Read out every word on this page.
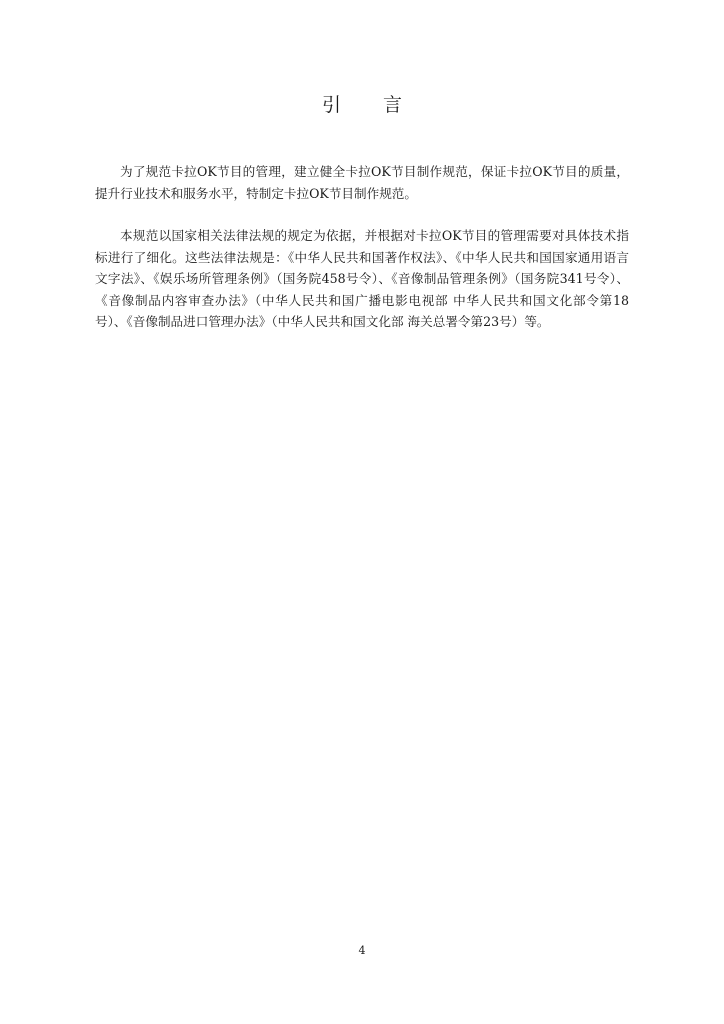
引 言

为了规范卡拉OK节目的管理，建立健全卡拉OK节目制作规范，保证卡拉OK节目的质量，提升行业技术和服务水平，特制定卡拉OK节目制作规范。

本规范以国家相关法律法规的规定为依据，并根据对卡拉OK节目的管理需要对具体技术指标进行了细化。这些法律法规是：《中华人民共和国著作权法》、《中华人民共和国国家通用语言文字法》、《娱乐场所管理条例》（国务院458号令）、《音像制品管理条例》（国务院341号令）、《音像制品内容审查办法》（中华人民共和国广播电影电视部 中华人民共和国文化部令第18号）、《音像制品进口管理办法》（中华人民共和国文化部 海关总署令第23号）等。

4
